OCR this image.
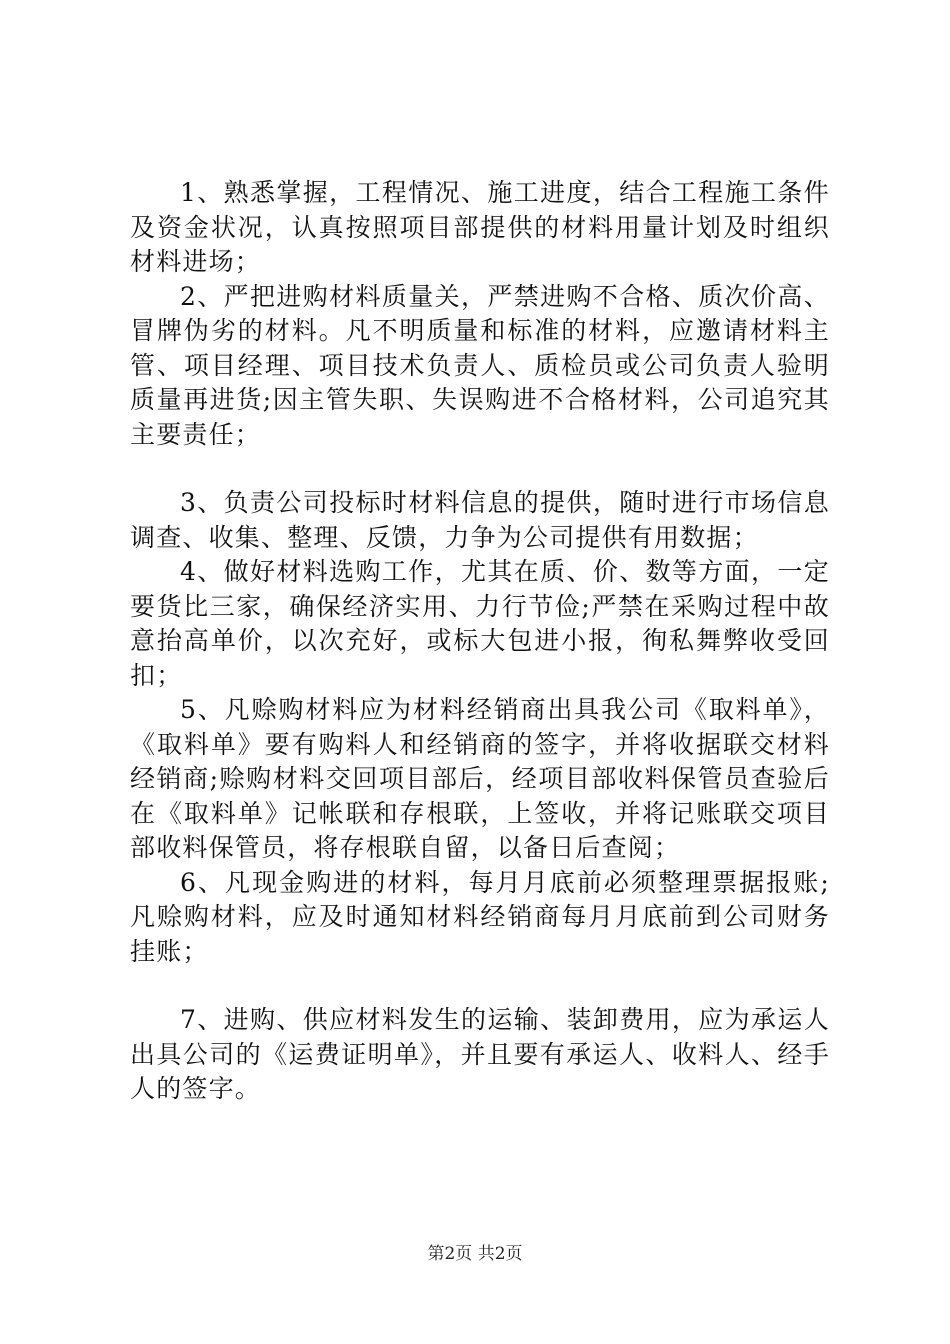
1、熟悉掌握，工程情况、施工进度，结合工程施工条件及资金状况，认真按照项目部提供的材料用量计划及时组织材料进场；

2、严把进购材料质量关，严禁进购不合格、质次价高、冒牌伪劣的材料。凡不明质量和标准的材料，应邀请材料主管、项目经理、项目技术负责人、质检员或公司负责人验明质量再进货;因主管失职、失误购进不合格材料，公司追究其主要责任；

3、负责公司投标时材料信息的提供，随时进行市场信息调查、收集、整理、反馈，力争为公司提供有用数据；

4、做好材料选购工作，尤其在质、价、数等方面，一定要货比三家，确保经济实用、力行节俭;严禁在采购过程中故意抬高单价，以次充好，或标大包进小报，徇私舞弊收受回扣；

5、凡赊购材料应为材料经销商出具我公司《取料单》，《取料单》要有购料人和经销商的签字，并将收据联交材料经销商;赊购材料交回项目部后，经项目部收料保管员查验后在《取料单》记帐联和存根联，上签收，并将记账联交项目部收料保管员，将存根联自留，以备日后查阅；

6、凡现金购进的材料，每月月底前必须整理票据报账;凡赊购材料，应及时通知材料经销商每月月底前到公司财务挂账；

7、进购、供应材料发生的运输、装卸费用，应为承运人出具公司的《运费证明单》，并且要有承运人、收料人、经手人的签字。

第2页 共2页
